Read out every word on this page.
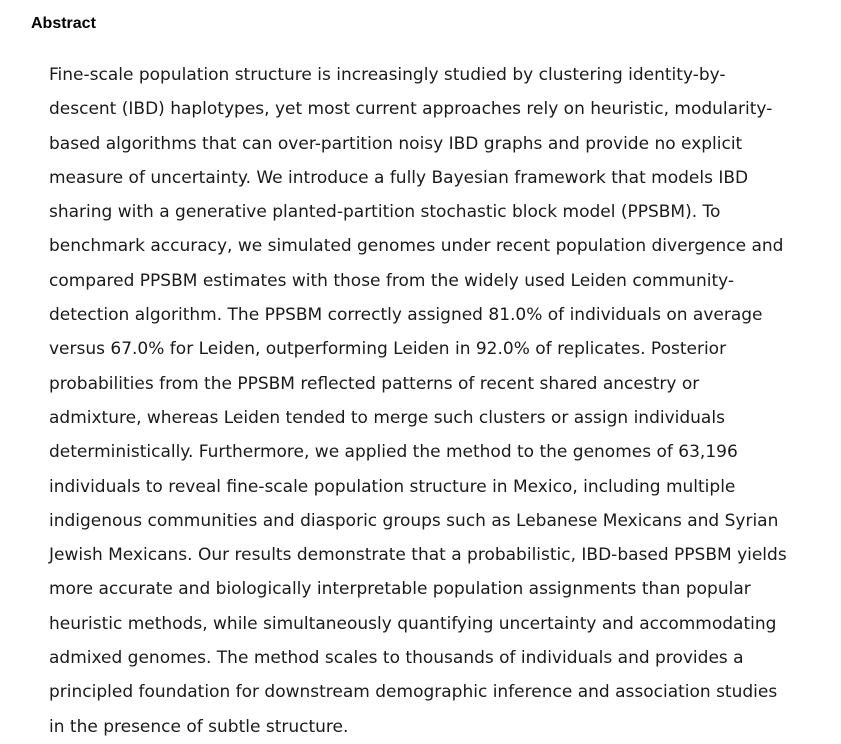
Abstract
Fine-scale population structure is increasingly studied by clustering identity-by-
descent (IBD) haplotypes, yet most current approaches rely on heuristic, modularity-
based algorithms that can over-partition noisy IBD graphs and provide no explicit
measure of uncertainty. We introduce a fully Bayesian framework that models IBD
sharing with a generative planted-partition stochastic block model (PPSBM). To
benchmark accuracy, we simulated genomes under recent population divergence and
compared PPSBM estimates with those from the widely used Leiden community-
detection algorithm. The PPSBM correctly assigned 81.0% of individuals on average
versus 67.0% for Leiden, outperforming Leiden in 92.0% of replicates. Posterior
probabilities from the PPSBM reflected patterns of recent shared ancestry or
admixture, whereas Leiden tended to merge such clusters or assign individuals
deterministically. Furthermore, we applied the method to the genomes of 63,196
individuals to reveal fine-scale population structure in Mexico, including multiple
indigenous communities and diasporic groups such as Lebanese Mexicans and Syrian
Jewish Mexicans. Our results demonstrate that a probabilistic, IBD-based PPSBM yields
more accurate and biologically interpretable population assignments than popular
heuristic methods, while simultaneously quantifying uncertainty and accommodating
admixed genomes. The method scales to thousands of individuals and provides a
principled foundation for downstream demographic inference and association studies
in the presence of subtle structure.
